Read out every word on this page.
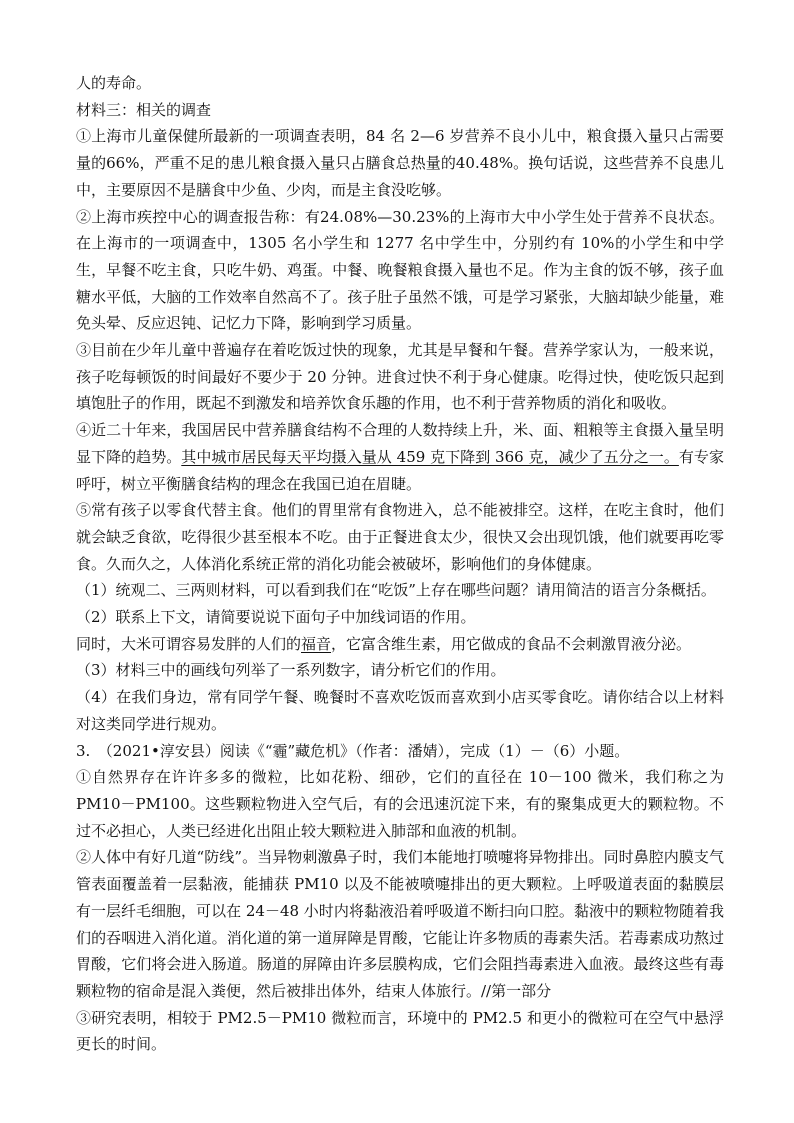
人的寿命。

材料三：相关的调查

①上海市儿童保健所最新的一项调查表明，84 名 2—6 岁营养不良小儿中，粮食摄入量只占需要量的66%，严重不足的患儿粮食摄入量只占膳食总热量的40.48%。换句话说，这些营养不良患儿中，主要原因不是膳食中少鱼、少肉，而是主食没吃够。

②上海市疾控中心的调查报告称：有24.08%—30.23%的上海市大中小学生处于营养不良状态。在上海市的一项调查中，1305 名小学生和 1277 名中学生中，分别约有 10%的小学生和中学生，早餐不吃主食，只吃牛奶、鸡蛋。中餐、晚餐粮食摄入量也不足。作为主食的饭不够，孩子血糖水平低，大脑的工作效率自然高不了。孩子肚子虽然不饿，可是学习紧张，大脑却缺少能量，难免头晕、反应迟钝、记忆力下降，影响到学习质量。

③目前在少年儿童中普遍存在着吃饭过快的现象，尤其是早餐和午餐。营养学家认为，一般来说，孩子吃每顿饭的时间最好不要少于 20 分钟。进食过快不利于身心健康。吃得过快，使吃饭只起到填饱肚子的作用，既起不到激发和培养饮食乐趣的作用，也不利于营养物质的消化和吸收。

④近二十年来，我国居民中营养膳食结构不合理的人数持续上升，米、面、粗粮等主食摄入量呈明显下降的趋势。其中城市居民每天平均摄入量从 459 克下降到 366 克，减少了五分之一。有专家呼吁，树立平衡膳食结构的理念在我国已迫在眉睫。

⑤常有孩子以零食代替主食。他们的胃里常有食物进入，总不能被排空。这样，在吃主食时，他们就会缺乏食欲，吃得很少甚至根本不吃。由于正餐进食太少，很快又会出现饥饿，他们就要再吃零食。久而久之，人体消化系统正常的消化功能会被破坏，影响他们的身体健康。

（1）统观二、三两则材料，可以看到我们在“吃饭”上存在哪些问题？请用简洁的语言分条概括。

（2）联系上下文，请简要说说下面句子中加线词语的作用。

同时，大米可谓容易发胖的人们的福音，它富含维生素，用它做成的食品不会刺激胃液分泌。

（3）材料三中的画线句列举了一系列数字，请分析它们的作用。

（4）在我们身边，常有同学午餐、晚餐时不喜欢吃饭而喜欢到小店买零食吃。请你结合以上材料对这类同学进行规劝。

3.　（2021•淳安县）阅读《“霾”藏危机》（作者：潘婧），完成（1）－（6）小题。

①自然界存在许许多多的微粒，比如花粉、细砂，它们的直径在 10－100 微米，我们称之为 PM10－PM100。这些颗粒物进入空气后，有的会迅速沉淀下来，有的聚集成更大的颗粒物。不过不必担心，人类已经进化出阻止较大颗粒进入肺部和血液的机制。

②人体中有好几道“防线”。当异物刺激鼻子时，我们本能地打喷嚏将异物排出。同时鼻腔内膜支气管表面覆盖着一层黏液，能捕获 PM10 以及不能被喷嚏排出的更大颗粒。上呼吸道表面的黏膜层有一层纤毛细胞，可以在 24－48 小时内将黏液沿着呼吸道不断扫向口腔。黏液中的颗粒物随着我们的吞咽进入消化道。消化道的第一道屏障是胃酸，它能让许多物质的毒素失活。若毒素成功熬过胃酸，它们将会进入肠道。肠道的屏障由许多层膜构成，它们会阻挡毒素进入血液。最终这些有毒颗粒物的宿命是混入粪便，然后被排出体外，结束人体旅行。//第一部分

③研究表明，相较于 PM2.5－PM10 微粒而言，环境中的 PM2.5 和更小的微粒可在空气中悬浮更长的时间。
